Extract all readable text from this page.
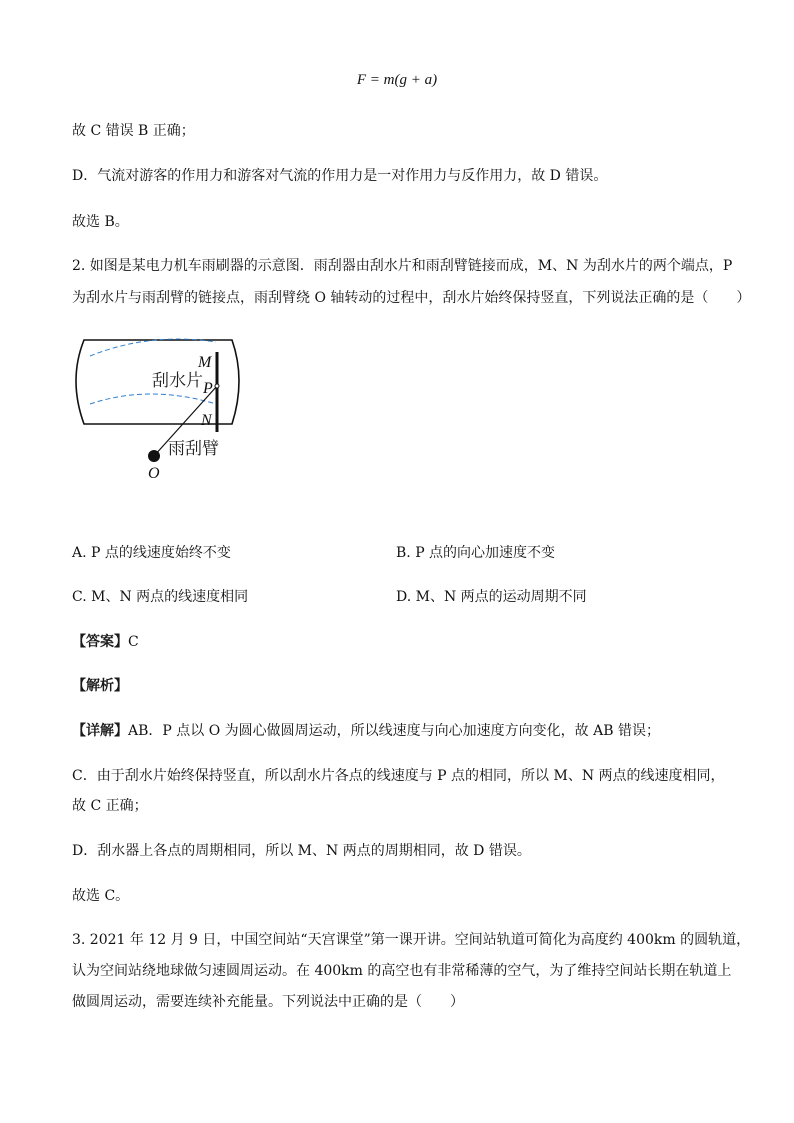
F = m(g + a)
故 C 错误 B 正确；
D．气流对游客的作用力和游客对气流的作用力是一对作用力与反作用力，故 D 错误。
故选 B。
2. 如图是某电力机车雨刷器的示意图．雨刮器由刮水片和雨刮臂链接而成，M、N 为刮水片的两个端点，P
为刮水片与雨刮臂的链接点，雨刮臂绕 O 轴转动的过程中，刮水片始终保持竖直，下列说法正确的是（　　）
刮水片
雨刮臂
M
P
N
O
A. P 点的线速度始终不变	B. P 点的向心加速度不变
C. M、N 两点的线速度相同	D. M、N 两点的运动周期不同
【答案】C
【解析】
【详解】AB．P 点以 O 为圆心做圆周运动，所以线速度与向心加速度方向变化，故 AB 错误；
C．由于刮水片始终保持竖直，所以刮水片各点的线速度与 P 点的相同，所以 M、N 两点的线速度相同，
故 C 正确；
D．刮水器上各点的周期相同，所以 M、N 两点的周期相同，故 D 错误。
故选 C。
3. 2021 年 12 月 9 日，中国空间站“天宫课堂”第一课开讲。空间站轨道可简化为高度约 400km 的圆轨道，
认为空间站绕地球做匀速圆周运动。在 400km 的高空也有非常稀薄的空气，为了维持空间站长期在轨道上
做圆周运动，需要连续补充能量。下列说法中正确的是（　　）
